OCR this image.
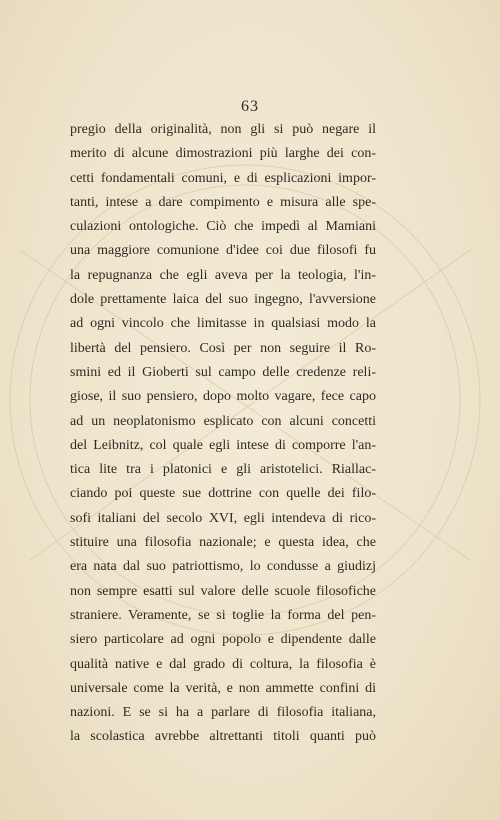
63
pregio della originalità, non gli si può negare il
merito di alcune dimostrazioni più larghe dei con-
cetti fondamentali comuni, e di esplicazioni impor-
tanti, intese a dare compimento e misura alle spe-
culazioni ontologiche. Ciò che impedì al Mamiani
una maggiore comunione d'idee coi due filosofi fu
la repugnanza che egli aveva per la teologia, l'in-
dole prettamente laica del suo ingegno, l'avversione
ad ogni vincolo che limitasse in qualsiasi modo la
libertà del pensiero. Così per non seguire il Ro-
smini ed il Gioberti sul campo delle credenze reli-
giose, il suo pensiero, dopo molto vagare, fece capo
ad un neoplatonismo esplicato con alcuni concetti
del Leibnitz, col quale egli intese di comporre l'an-
tica lite tra i platonici e gli aristotelici. Riallac-
ciando poi queste sue dottrine con quelle dei filo-
sofi italiani del secolo XVI, egli intendeva di rico-
stituire una filosofia nazionale; e questa idea, che
era nata dal suo patriottismo, lo condusse a giudizj
non sempre esatti sul valore delle scuole filosofiche
straniere. Veramente, se si toglie la forma del pen-
siero particolare ad ogni popolo e dipendente dalle
qualità native e dal grado di coltura, la filosofia è
universale come la verità, e non ammette confini di
nazioni. E se si ha a parlare di filosofia italiana,
la scolastica avrebbe altrettanti titoli quanti può
